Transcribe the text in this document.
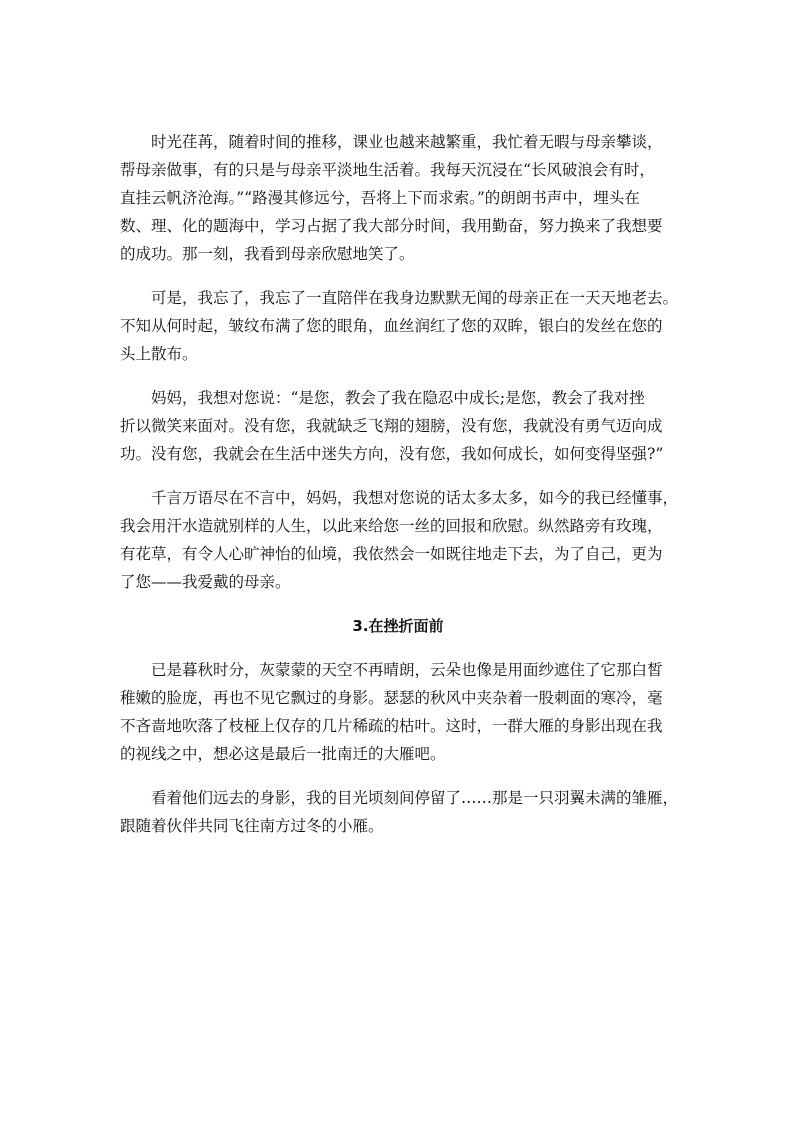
时光荏苒，随着时间的推移，课业也越来越繁重，我忙着无暇与母亲攀谈，
帮母亲做事，有的只是与母亲平淡地生活着。我每天沉浸在“长风破浪会有时，
直挂云帆济沧海。”“路漫其修远兮，吾将上下而求索。”的朗朗书声中，埋头在
数、理、化的题海中，学习占据了我大部分时间，我用勤奋，努力换来了我想要
的成功。那一刻，我看到母亲欣慰地笑了。

可是，我忘了，我忘了一直陪伴在我身边默默无闻的母亲正在一天天地老去。
不知从何时起，皱纹布满了您的眼角，血丝润红了您的双眸，银白的发丝在您的
头上散布。

妈妈，我想对您说：“是您，教会了我在隐忍中成长;是您，教会了我对挫
折以微笑来面对。没有您，我就缺乏飞翔的翅膀，没有您，我就没有勇气迈向成
功。没有您，我就会在生活中迷失方向，没有您，我如何成长，如何变得坚强?”

千言万语尽在不言中，妈妈，我想对您说的话太多太多，如今的我已经懂事，
我会用汗水造就别样的人生，以此来给您一丝的回报和欣慰。纵然路旁有玫瑰，
有花草，有令人心旷神怡的仙境，我依然会一如既往地走下去，为了自己，更为
了您——我爱戴的母亲。

3.在挫折面前

已是暮秋时分，灰蒙蒙的天空不再晴朗，云朵也像是用面纱遮住了它那白皙
稚嫩的脸庞，再也不见它飘过的身影。瑟瑟的秋风中夹杂着一股刺面的寒冷，毫
不吝啬地吹落了枝桠上仅存的几片稀疏的枯叶。这时，一群大雁的身影出现在我
的视线之中，想必这是最后一批南迁的大雁吧。

看着他们远去的身影，我的目光顷刻间停留了……那是一只羽翼未满的雏雁，
跟随着伙伴共同飞往南方过冬的小雁。
